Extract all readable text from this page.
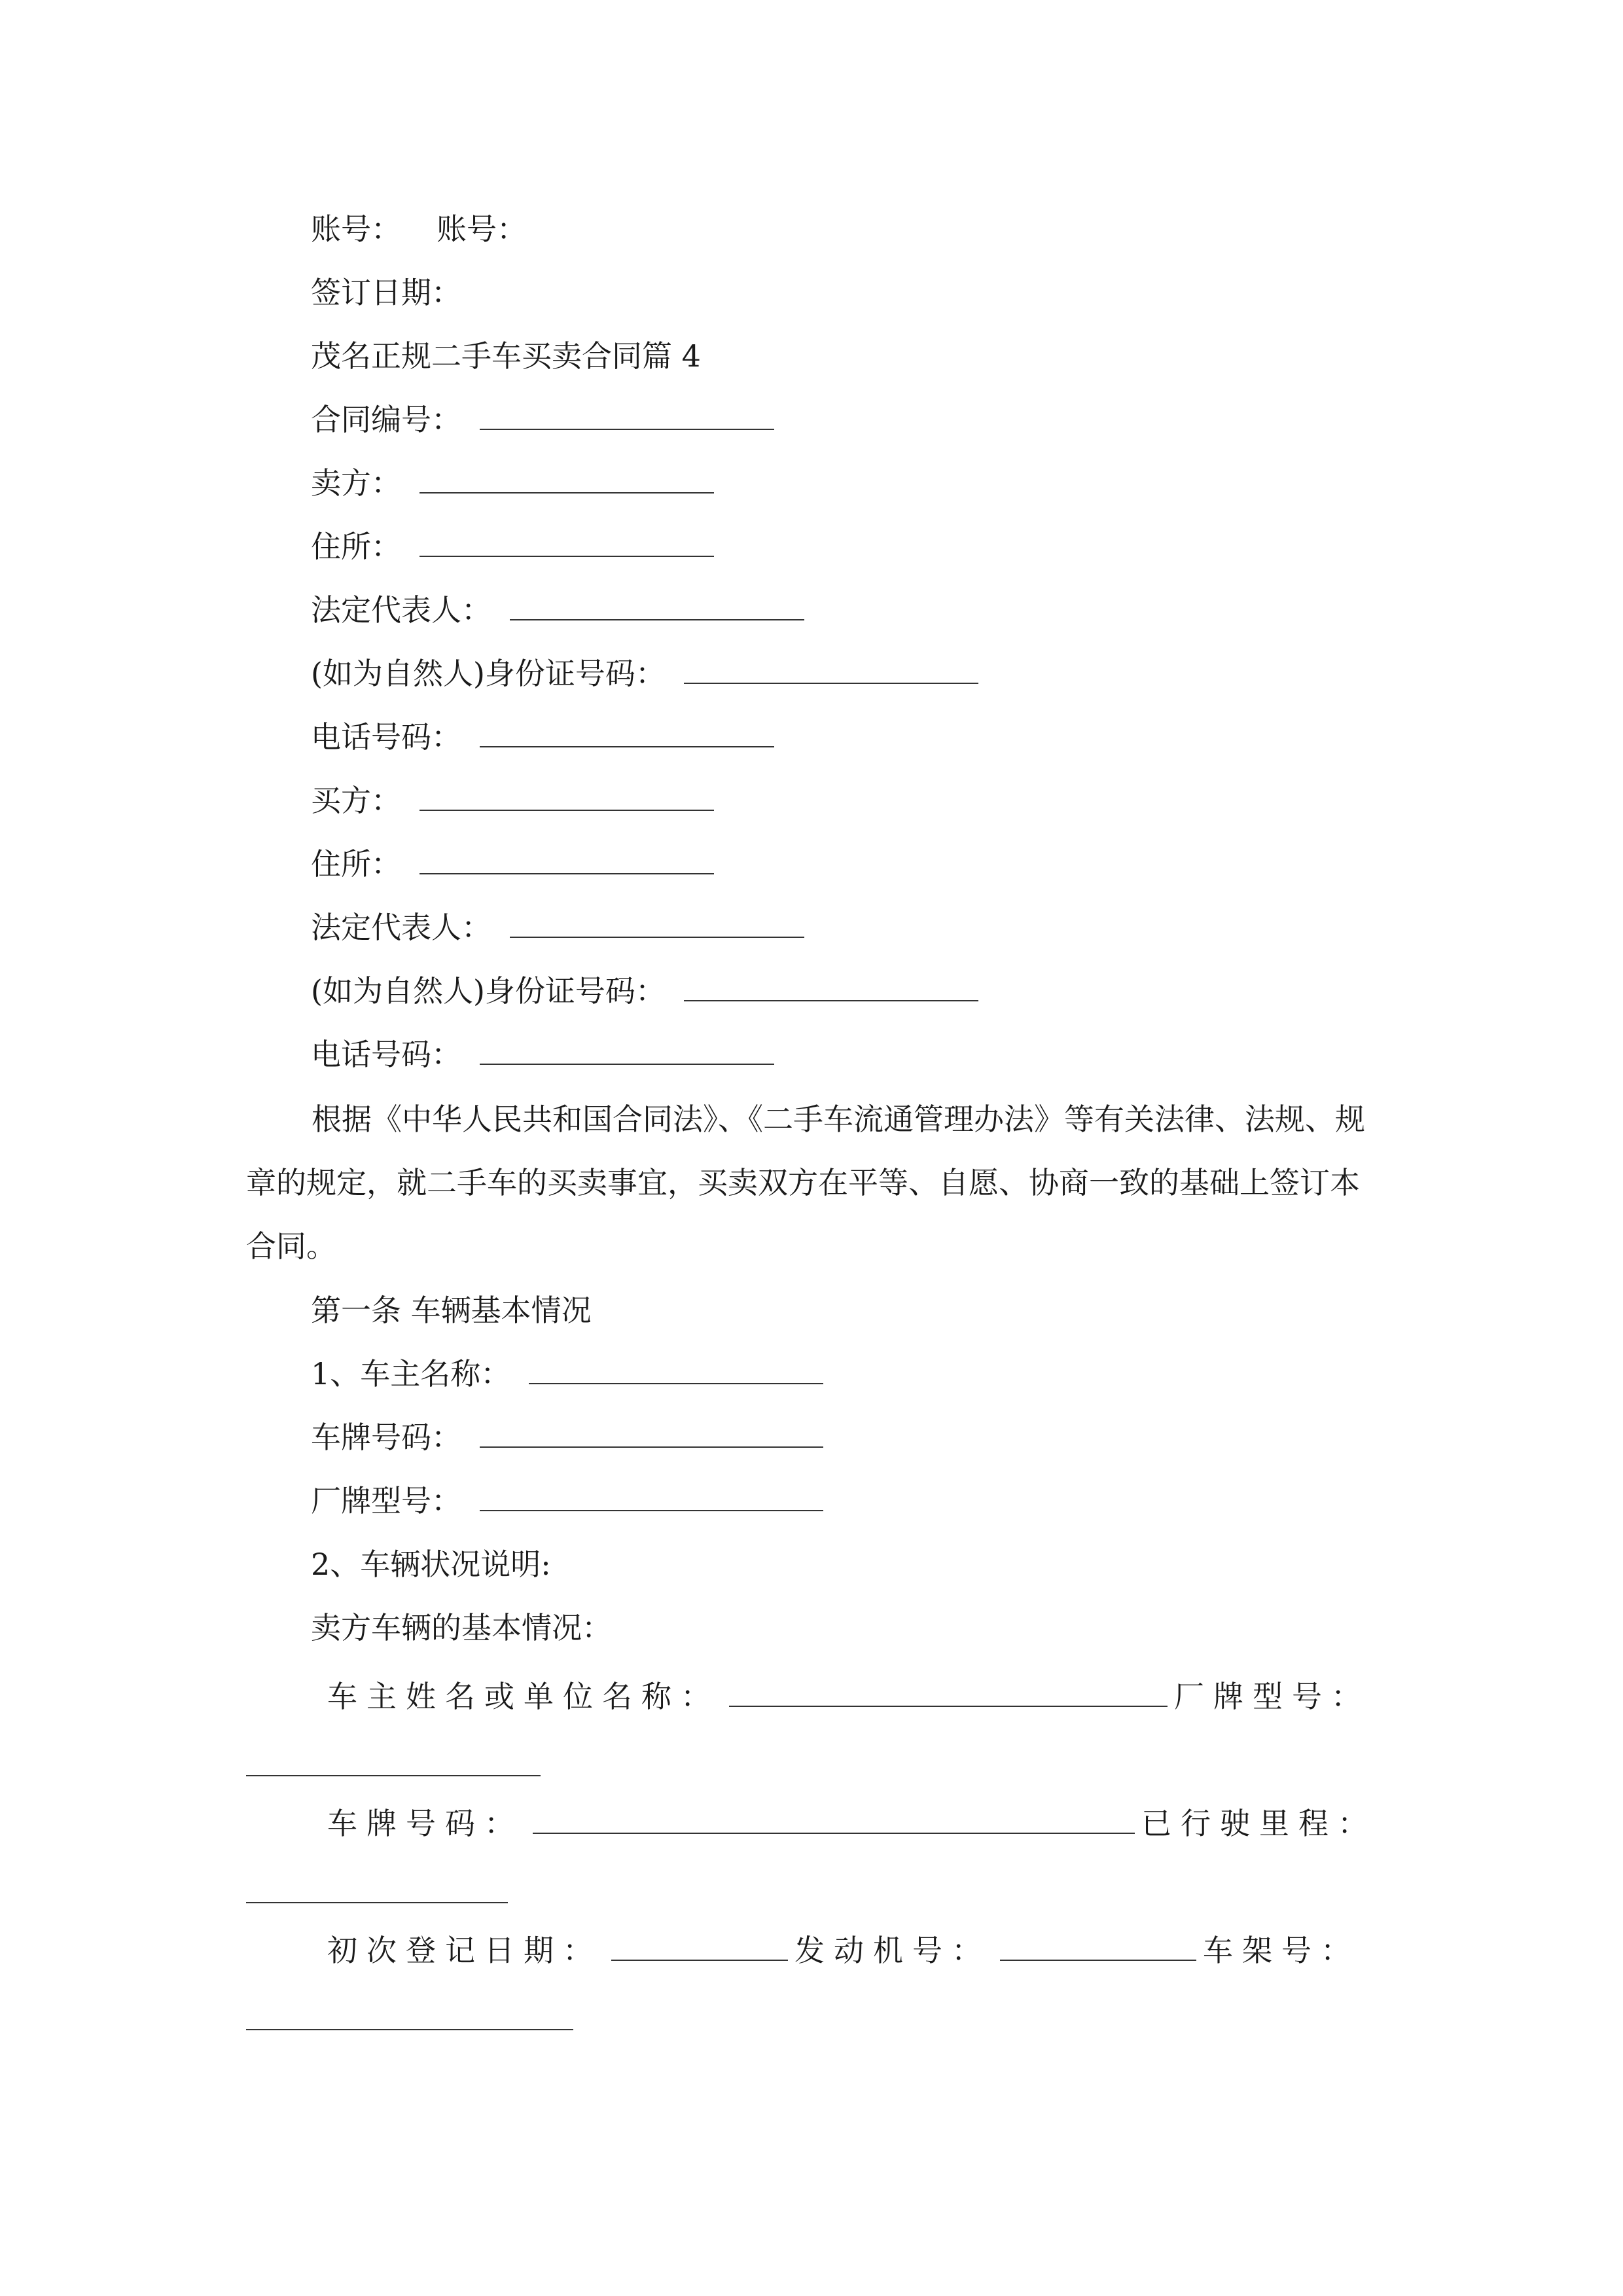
账号： 账号：
签订日期：
茂名正规二手车买卖合同篇 4
合同编号：
卖方：
住所：
法定代表人：
(如为自然人)身份证号码：
电话号码：
买方：
住所：
法定代表人：
(如为自然人)身份证号码：
电话号码：
根据《中华人民共和国合同法》、《二手车流通管理办法》等有关法律、法规、规章的规定，就二手车的买卖事宜，买卖双方在平等、自愿、协商一致的基础上签订本合同。
第一条 车辆基本情况
1、车主名称：
车牌号码：
厂牌型号：
2、车辆状况说明:
卖方车辆的基本情况：
车主姓名或单位名称：	厂牌型号：
车牌号码：	已行驶里程：
初次登记日期：	发动机号：	车架号：
